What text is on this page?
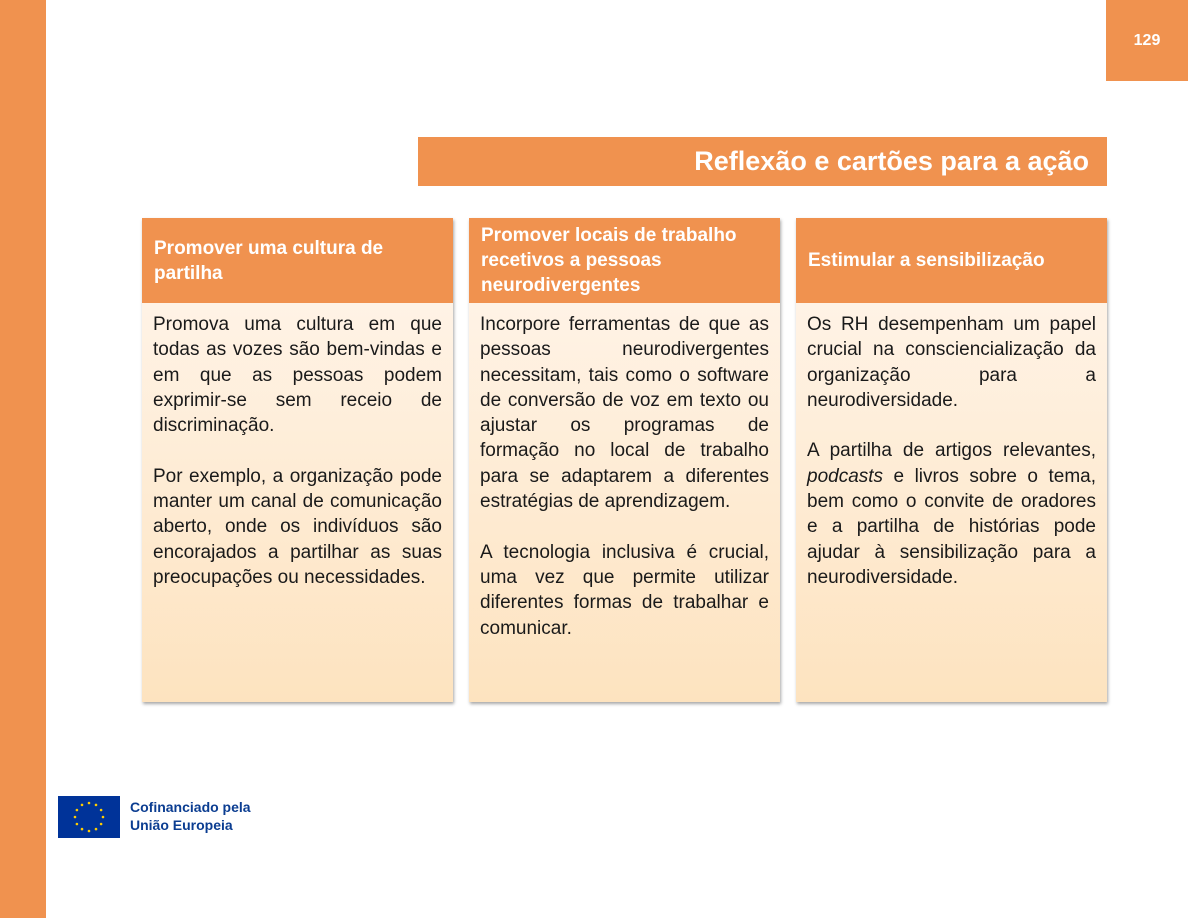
129
Reflexão e cartões para a ação
Promover uma cultura de partilha

Promova uma cultura em que todas as vozes são bem-vindas e em que as pessoas podem exprimir-se sem receio de discriminação.

Por exemplo, a organização pode manter um canal de comunicação aberto, onde os indivíduos são encorajados a partilhar as suas preocupações ou necessidades.

Promover locais de trabalho recetivos a pessoas neurodivergentes

Incorpore ferramentas de que as pessoas neurodivergentes necessitam, tais como o software de conversão de voz em texto ou ajustar os programas de formação no local de trabalho para se adaptarem a diferentes estratégias de aprendizagem.

A tecnologia inclusiva é crucial, uma vez que permite utilizar diferentes formas de trabalhar e comunicar.

Estimular a sensibilização

Os RH desempenham um papel crucial na consciencialização da organização para a neurodiversidade.

A partilha de artigos relevantes, podcasts e livros sobre o tema, bem como o convite de oradores e a partilha de histórias pode ajudar à sensibilização para a neurodiversidade.

Cofinanciado pela
União Europeia
